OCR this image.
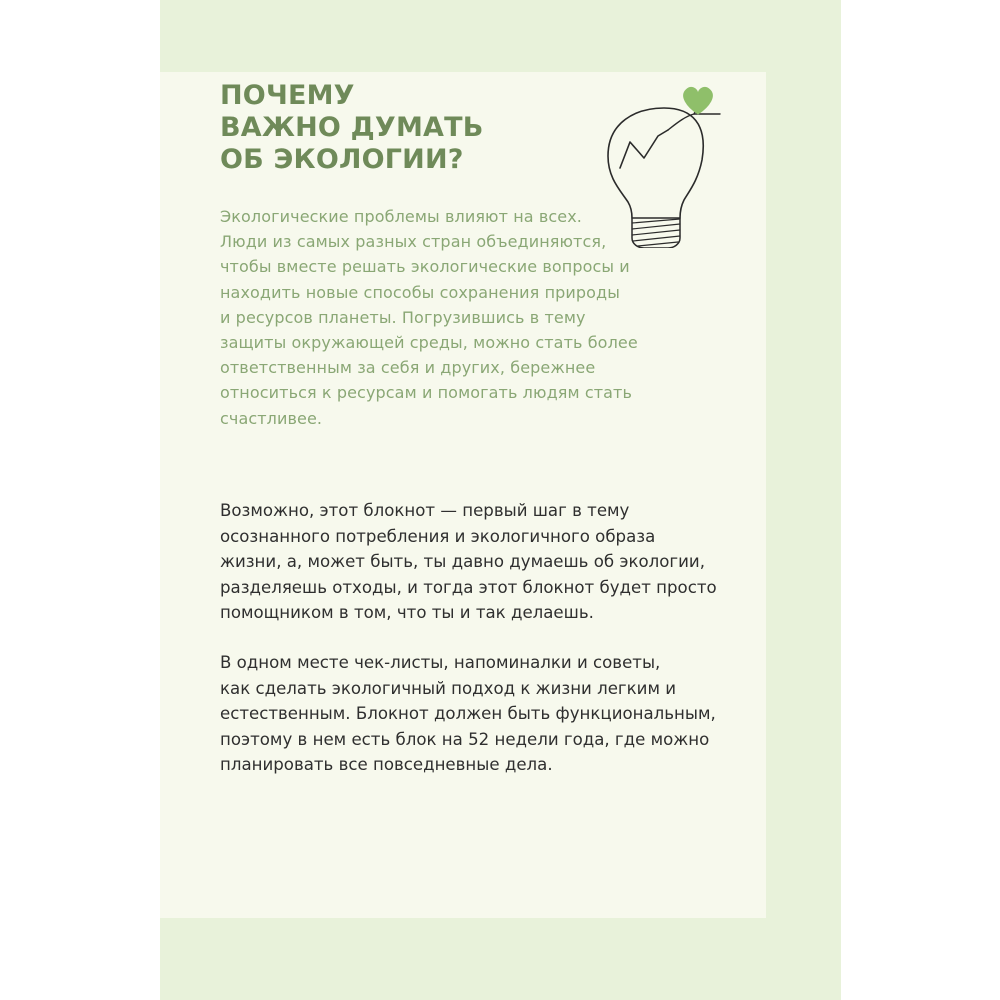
ПОЧЕМУ
ВАЖНО ДУМАТЬ
ОБ ЭКОЛОГИИ?
Экологические проблемы влияют на всех.
Люди из самых разных стран объединяются,
чтобы вместе решать экологические вопросы и
находить новые способы сохранения природы
и ресурсов планеты. Погрузившись в тему
защиты окружающей среды, можно стать более
ответственным за себя и других, бережнее
относиться к ресурсам и помогать людям стать
счастливее.
Возможно, этот блокнот — первый шаг в тему
осознанного потребления и экологичного образа
жизни, а, может быть, ты давно думаешь об экологии,
разделяешь отходы, и тогда этот блокнот будет просто
помощником в том, что ты и так делаешь.
В одном месте чек-листы, напоминалки и советы,
как сделать экологичный подход к жизни легким и
естественным. Блокнот должен быть функциональным,
поэтому в нем есть блок на 52 недели года, где можно
планировать все повседневные дела.
